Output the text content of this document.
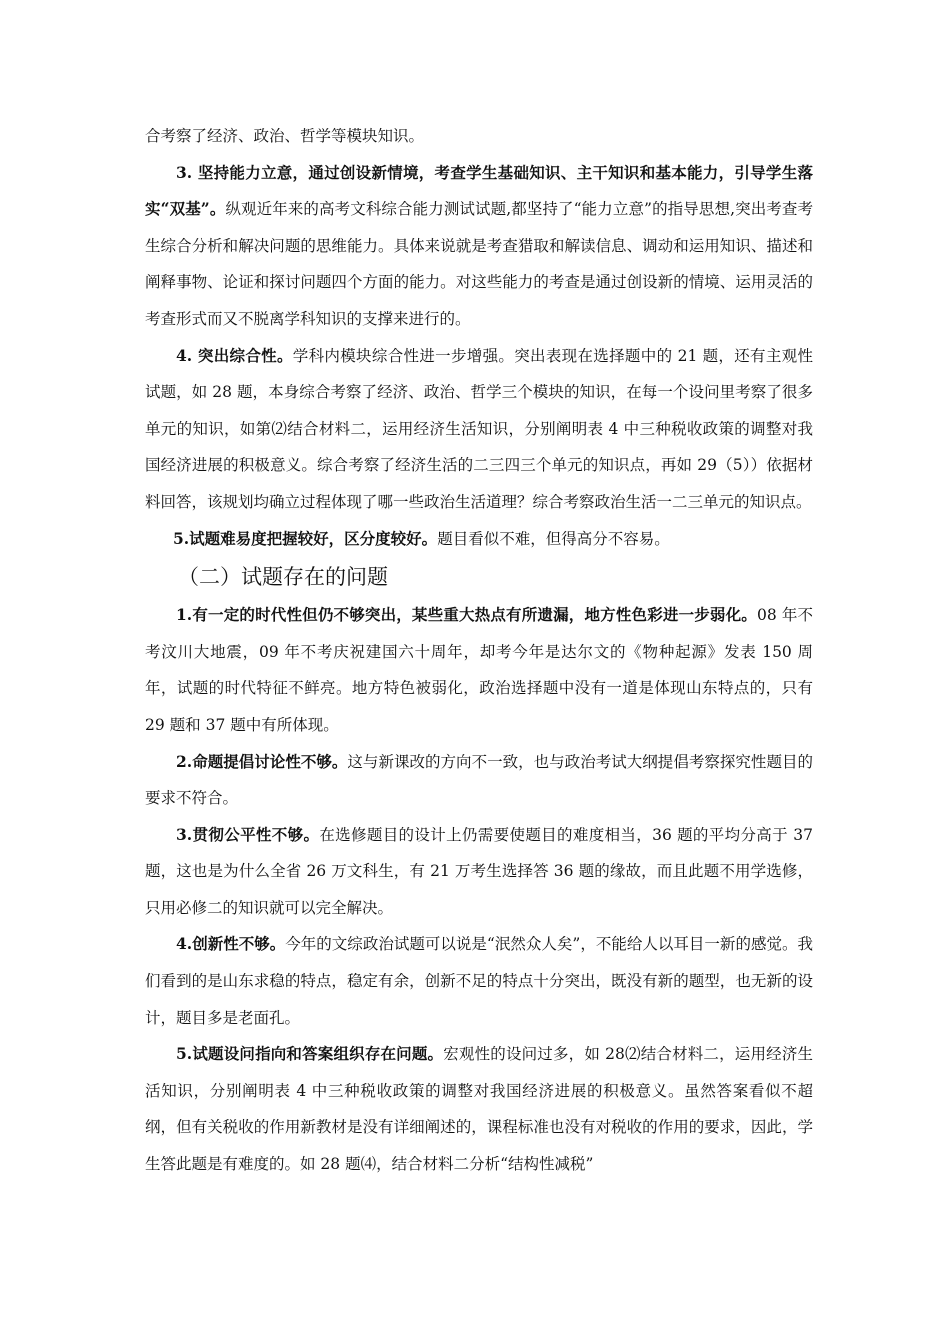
合考察了经济、政治、哲学等模块知识。

3. 坚持能力立意，通过创设新情境，考查学生基础知识、主干知识和基本能力，引导学生落实“双基”。纵观近年来的高考文科综合能力测试试题,都坚持了“能力立意”的指导思想,突出考查考生综合分析和解决问题的思维能力。具体来说就是考查猎取和解读信息、调动和运用知识、描述和阐释事物、论证和探讨问题四个方面的能力。对这些能力的考查是通过创设新的情境、运用灵活的考查形式而又不脱离学科知识的支撑来进行的。

4. 突出综合性。学科内模块综合性进一步增强。突出表现在选择题中的 21 题，还有主观性试题，如 28 题，本身综合考察了经济、政治、哲学三个模块的知识，在每一个设问里考察了很多单元的知识，如第⑵结合材料二，运用经济生活知识，分别阐明表 4 中三种税收政策的调整对我国经济进展的积极意义。综合考察了经济生活的二三四三个单元的知识点，再如 29（5））依据材料回答，该规划均确立过程体现了哪一些政治生活道理？综合考察政治生活一二三单元的知识点。

5.试题难易度把握较好，区分度较好。题目看似不难，但得高分不容易。

（二）试题存在的问题

1.有一定的时代性但仍不够突出，某些重大热点有所遗漏，地方性色彩进一步弱化。08 年不考汶川大地震，09 年不考庆祝建国六十周年，却考今年是达尔文的《物种起源》发表 150 周年，试题的时代特征不鲜亮。地方特色被弱化，政治选择题中没有一道是体现山东特点的，只有 29 题和 37 题中有所体现。

2.命题提倡讨论性不够。这与新课改的方向不一致，也与政治考试大纲提倡考察探究性题目的要求不符合。

3.贯彻公平性不够。在选修题目的设计上仍需要使题目的难度相当，36 题的平均分高于 37 题，这也是为什么全省 26 万文科生，有 21 万考生选择答 36 题的缘故，而且此题不用学选修，只用必修二的知识就可以完全解决。

4.创新性不够。今年的文综政治试题可以说是“泯然众人矣”，不能给人以耳目一新的感觉。我们看到的是山东求稳的特点，稳定有余，创新不足的特点十分突出，既没有新的题型，也无新的设计，题目多是老面孔。

5.试题设问指向和答案组织存在问题。宏观性的设问过多，如 28⑵结合材料二，运用经济生活知识，分别阐明表 4 中三种税收政策的调整对我国经济进展的积极意义。虽然答案看似不超纲，但有关税收的作用新教材是没有详细阐述的，课程标准也没有对税收的作用的要求，因此，学生答此题是有难度的。如 28 题⑷，结合材料二分析“结构性减税”
